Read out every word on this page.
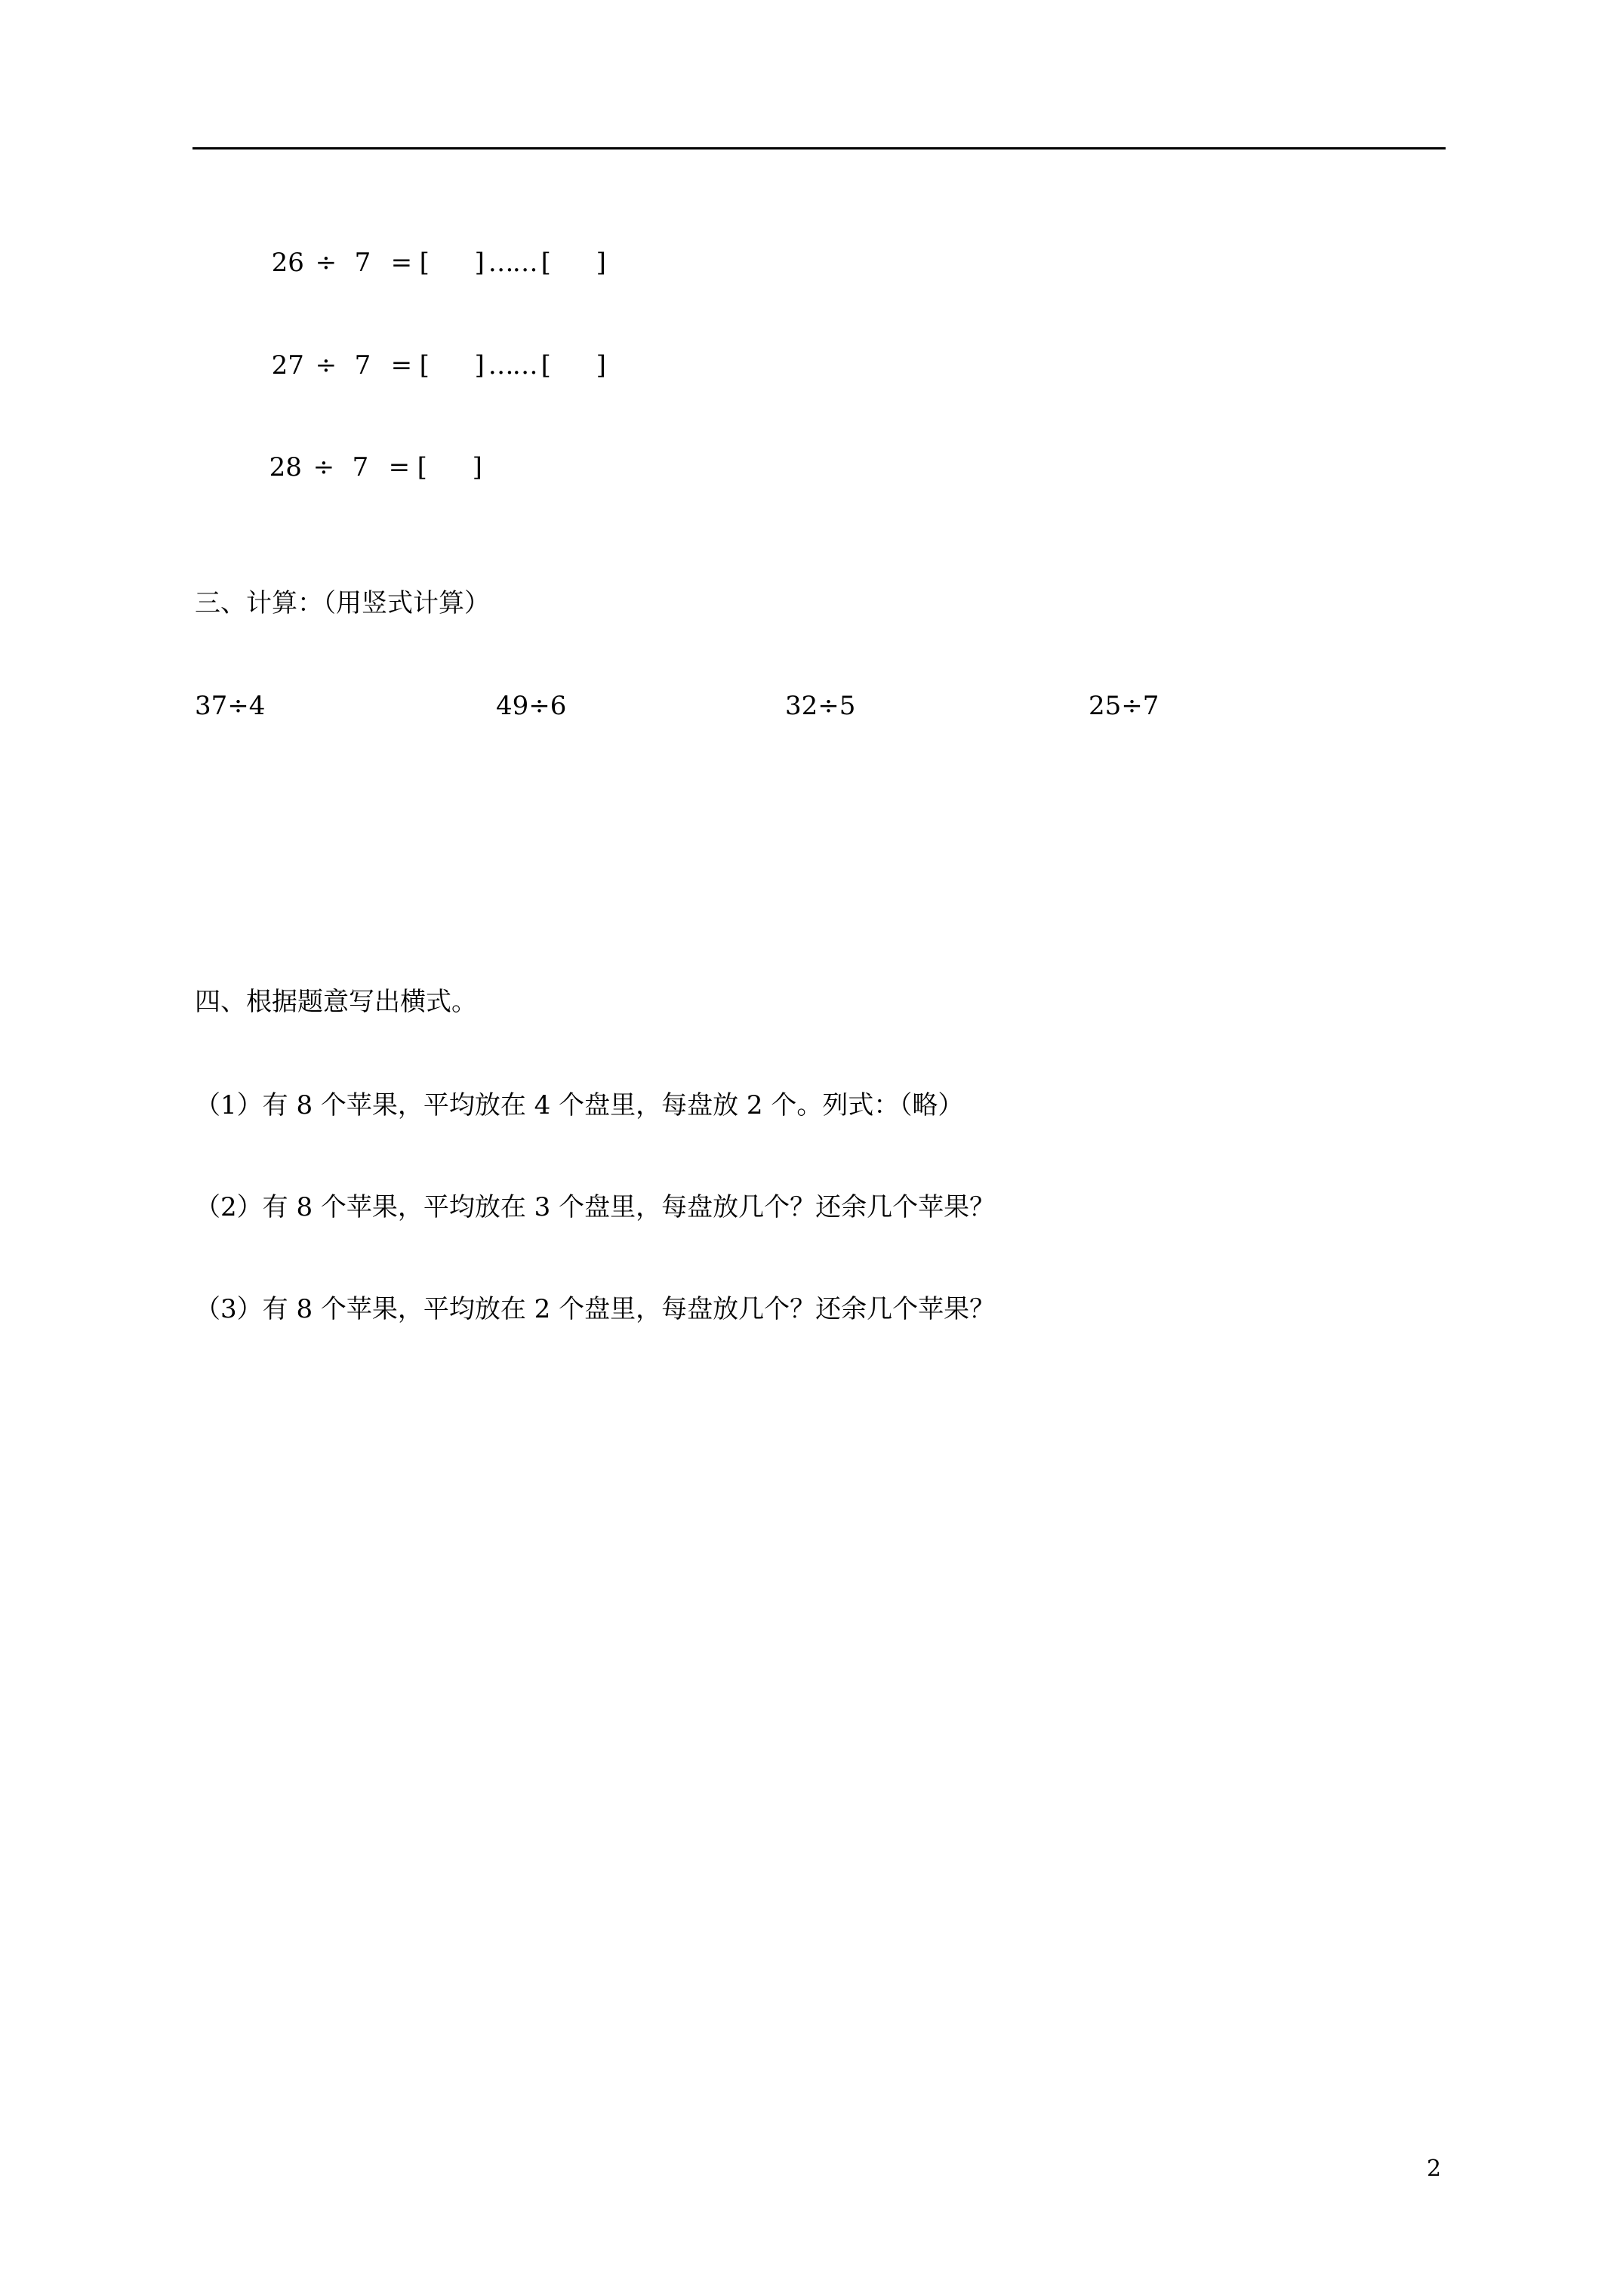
26 ÷ 7 = [ ] …… [ ]

27 ÷ 7 = [ ] …… [ ]

28 ÷ 7 = [ ]

三、计算：（用竖式计算）
37÷4	49÷6	32÷5	25÷7
四、根据题意写出横式。
（1）有 8 个苹果，平均放在 4 个盘里，每盘放 2 个。列式：（略）
（2）有 8 个苹果，平均放在 3 个盘里，每盘放几个？还余几个苹果？
（3）有 8 个苹果，平均放在 2 个盘里，每盘放几个？还余几个苹果？
2
